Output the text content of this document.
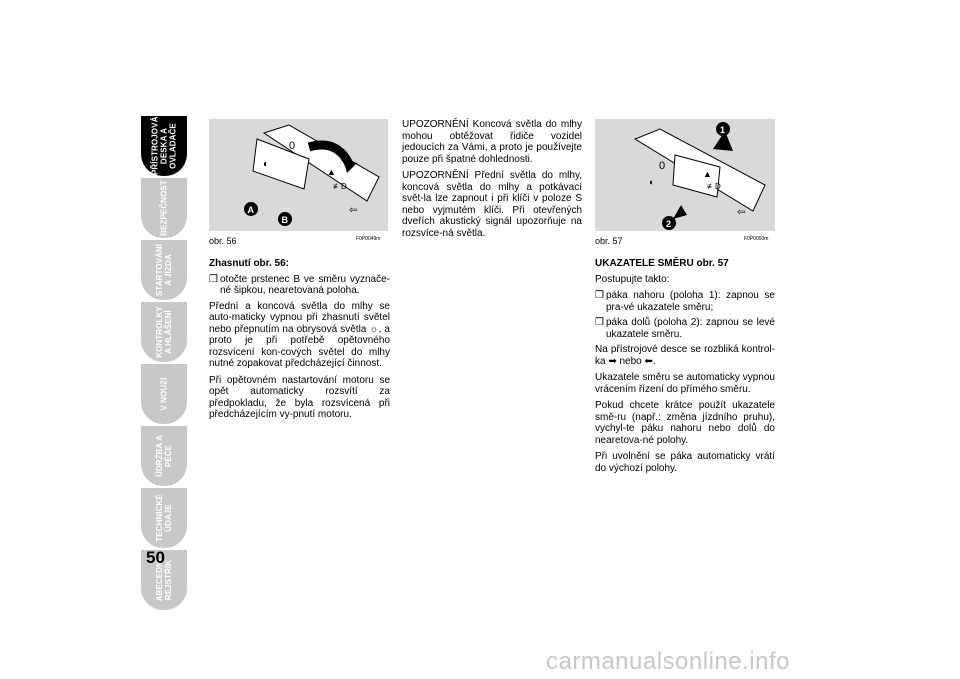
PŘÍSTROJOVÁ
DESKA A
OVLADAČE
BEZPEČNOST
STARTOVÁNÍ
A JÍZDA
KONTROLKY
A HLÁŠENÍ
V NOUZI
ÚDRŽBA A
PÉČE
TECHNICKÉ
ÚDAJE
ABECEDNÍ
REJSTŘÍK
50
0
◐
▲
≢D
⇦
A
B
obr. 56	F0P0049m
0
◐
▲
≢D
⇦
1
2
obr. 57	F0P0050m

Zhasnutí obr. 56:

❒ otočte prstenec B ve směru vyznače-né šipkou, nearetovaná poloha.

Přední a koncová světla do mlhy se auto-maticky vypnou při zhasnutí světel nebo přepnutím na obrysová světla ☼, a proto je při potřebě opětovného rozsvícení kon-cových světel do mlhy nutné zopakovat předcházející činnost.

Při opětovném nastartování motoru se opět automaticky rozsvítí za předpokladu, že byla rozsvícená při předcházejícím vy-pnutí motoru.

UPOZORNĚNÍ Koncová světla do mlhy mohou obtěžovat řidiče vozidel jedoucích za Vámi, a proto je používejte pouze při špatné dohlednosti.

UPOZORNĚNÍ Přední světla do mlhy, koncová světla do mlhy a potkávací svět-la lze zapnout i při klíči v poloze S nebo vyjmutém klíči. Při otevřených dveřích akustický signál upozorňuje na rozsvíce-ná světla.

UKAZATELE SMĚRU obr. 57

Postupujte takto:

❒ páka nahoru (poloha 1): zapnou se pra-vé ukazatele směru;
❒ páka dolů (poloha 2): zapnou se levé ukazatele směru.

Na přístrojové desce se rozbliká kontrol-ka ➡ nebo ⬅.

Ukazatele směru se automaticky vypnou vrácením řízení do přímého směru.

Pokud chcete krátce použít ukazatele smě-ru (např.: změna jízdního pruhu), vychyl-te páku nahoru nebo dolů do nearetova-né polohy.

Při uvolnění se páka automaticky vrátí do výchozí polohy.

carmanualsonline.info
